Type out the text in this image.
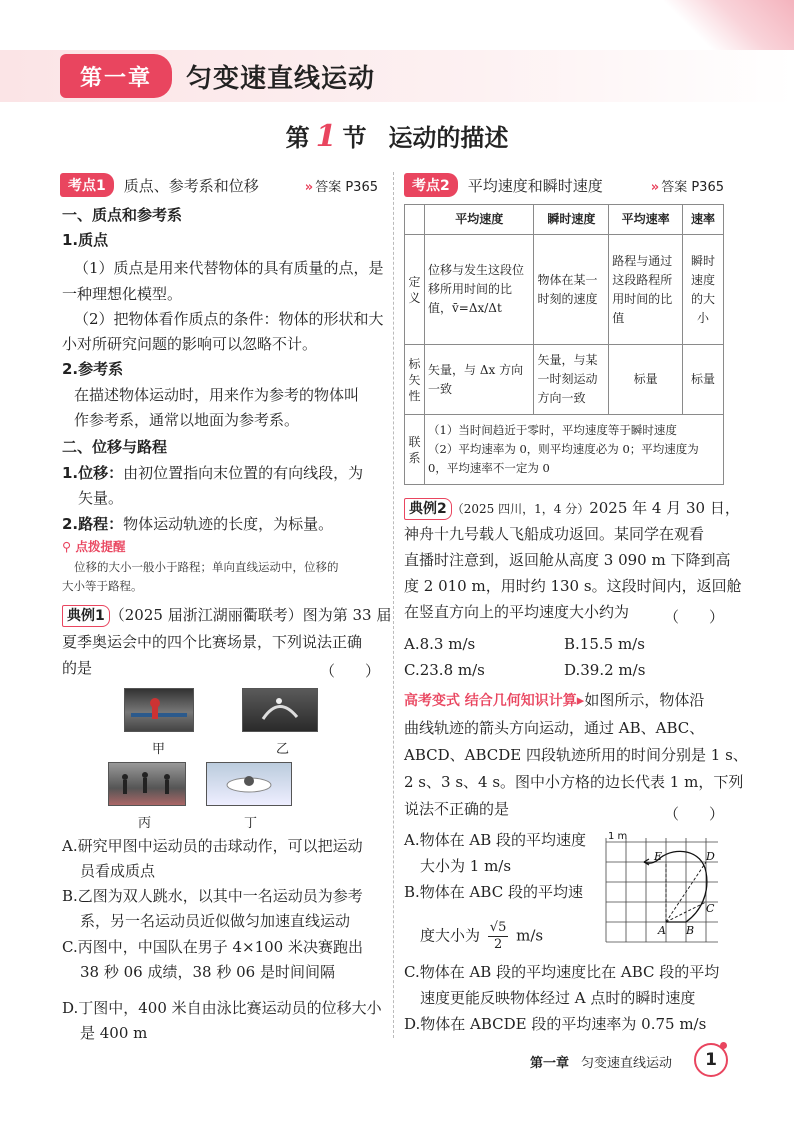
第一章	匀变速直线运动
第 1 节 运动的描述
考点1	质点、参考系和位移	» 答案 P365
一、质点和参考系
1.质点
（1）质点是用来代替物体的具有质量的点，是
一种理想化模型。
（2）把物体看作质点的条件：物体的形状和大
小对所研究问题的影响可以忽略不计。
2.参考系
在描述物体运动时，用来作为参考的物体叫
作参考系，通常以地面为参考系。
二、位移与路程
1.位移：由初位置指向末位置的有向线段，为
矢量。
2.路程：物体运动轨迹的长度，为标量。
⚲ 点拨提醒
位移的大小一般小于路程；单向直线运动中，位移的
大小等于路程。
典例1 （2025 届浙江湖丽衢联考）图为第 33 届
夏季奥运会中的四个比赛场景，下列说法正确
的是	（　　）
甲	乙
丙	丁
A.研究甲图中运动员的击球动作，可以把运动
员看成质点
B.乙图为双人跳水，以其中一名运动员为参考
系，另一名运动员近似做匀加速直线运动
C.丙图中，中国队在男子 4×100 米决赛跑出
38 秒 06 成绩，38 秒 06 是时间间隔
D.丁图中，400 米自由泳比赛运动员的位移大小
是 400 m
考点2	平均速度和瞬时速度	» 答案 P365
	平均速度	瞬时速度	平均速率	速率
定义	位移与发生这段位移所用时间的比值，v̄=Δx/Δt	物体在某一时刻的速度	路程与通过这段路程所用时间的比值	瞬时速度的大小
标矢性	矢量，与 Δx 方向一致	矢量，与某一时刻运动方向一致	标量	标量
联系	（1）当时间趋近于零时，平均速度等于瞬时速度
（2）平均速率为 0，则平均速度必为 0；平均速度为
0，平均速率不一定为 0			
典例2 （2025 四川，1，4 分）2025 年 4 月 30 日，
神舟十九号载人飞船成功返回。某同学在观看
直播时注意到，返回舱从高度 3 090 m 下降到高
度 2 010 m，用时约 130 s。这段时间内，返回舱
在竖直方向上的平均速度大小约为 （　　）
A.8.3 m/s	B.15.5 m/s
C.23.8 m/s	D.39.2 m/s
高考变式 结合几何知识计算▸如图所示，物体沿
曲线轨迹的箭头方向运动，通过 AB、ABC、
ABCD、ABCDE 四段轨迹所用的时间分别是 1 s、
2 s、3 s、4 s。图中小方格的边长代表 1 m，下列
说法不正确的是	（　　）
A.物体在 AB 段的平均速度
大小为 1 m/s
B.物体在 ABC 段的平均速
度大小为 $\frac{√5}{2} m/s$	A B
C
D
E
1 m
C.物体在 AB 段的平均速度比在 ABC 段的平均
速度更能反映物体经过 A 点时的瞬时速度
D.物体在 ABCDE 段的平均速率为 0.75 m/s
第一章 匀变速直线运动	1
